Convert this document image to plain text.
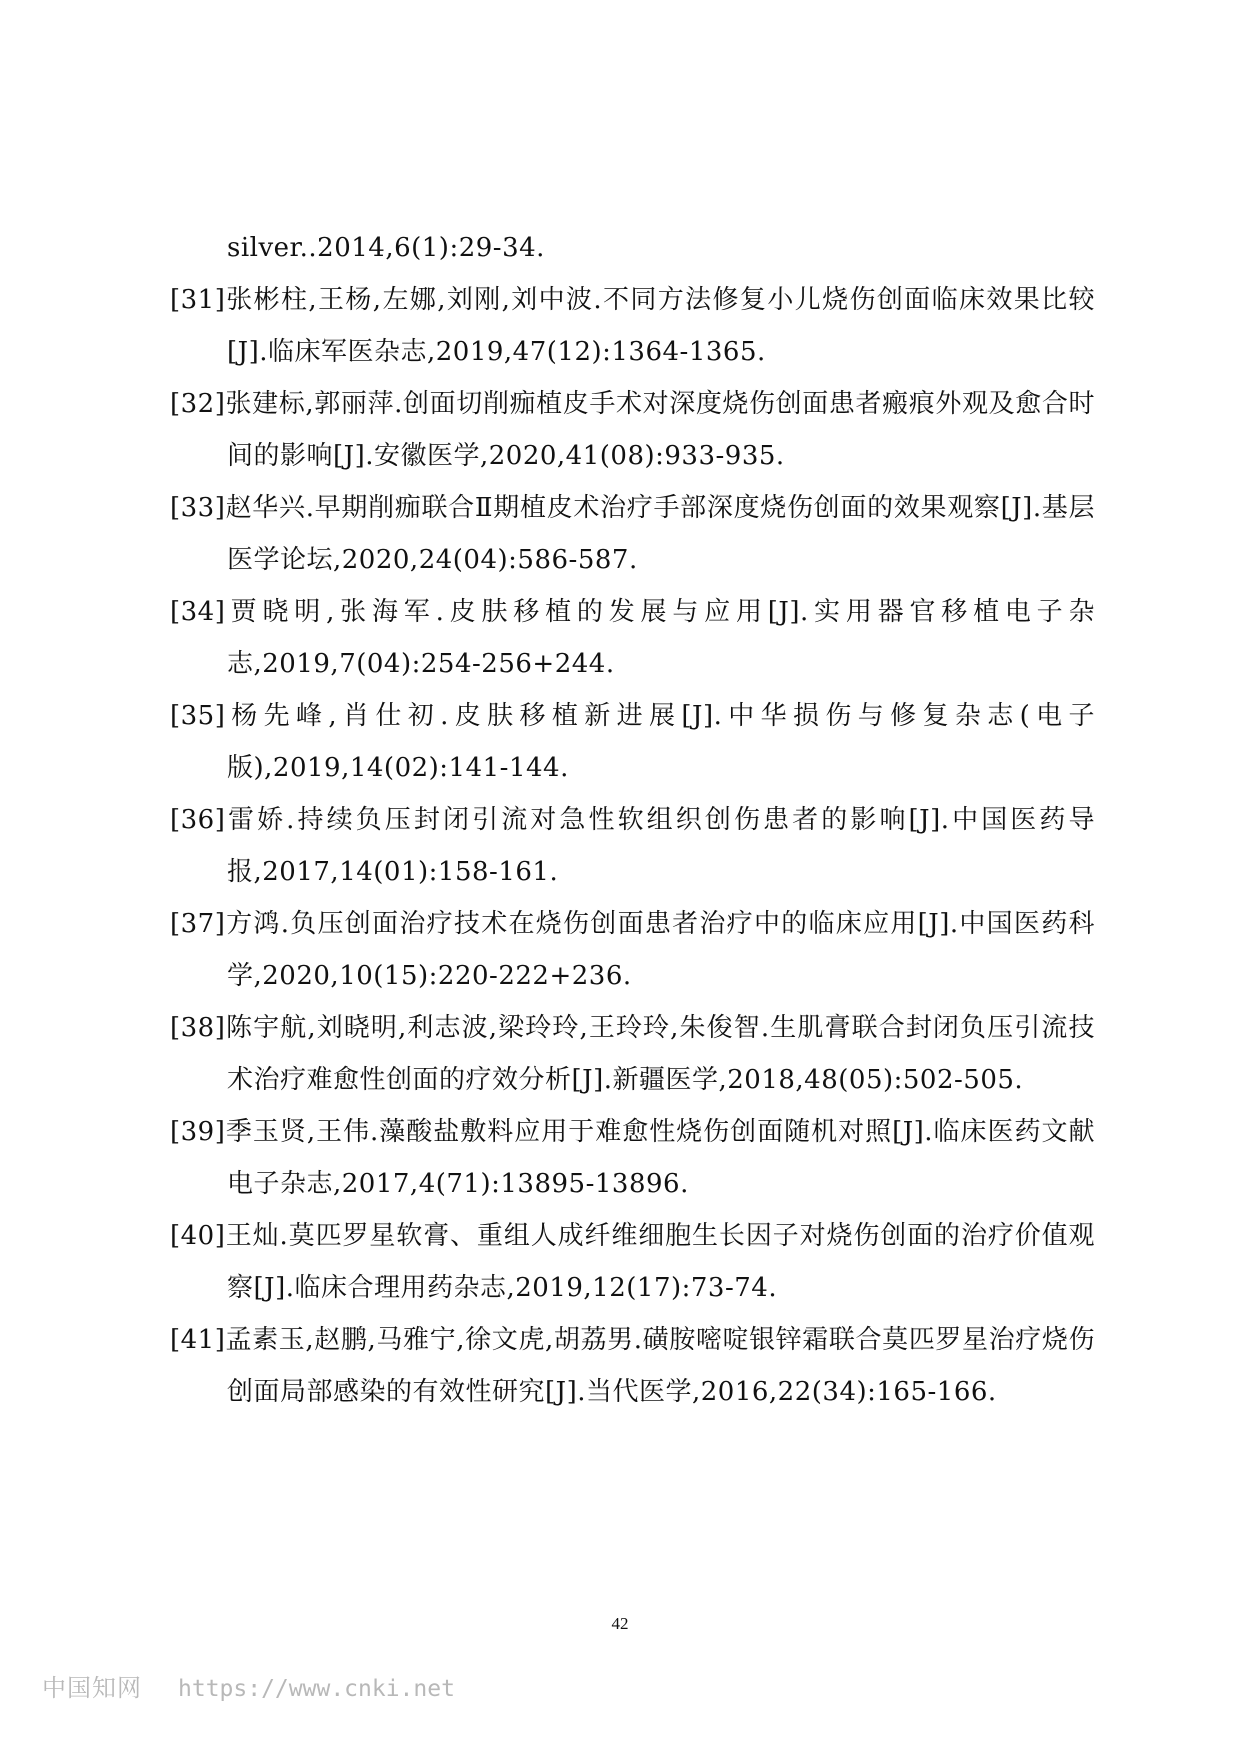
silver..2014,6(1):29-34.
[31]张彬柱,王杨,左娜,刘刚,刘中波.不同方法修复小儿烧伤创面临床效果比较[J].临床军医杂志,2019,47(12):1364-1365.
[32]张建标,郭丽萍.创面切削痂植皮手术对深度烧伤创面患者瘢痕外观及愈合时间的影响[J].安徽医学,2020,41(08):933-935.
[33]赵华兴.早期削痂联合Ⅱ期植皮术治疗手部深度烧伤创面的效果观察[J].基层医学论坛,2020,24(04):586-587.
[34]贾晓明,张海军.皮肤移植的发展与应用[J].实用器官移植电子杂志,2019,7(04):254-256+244.
[35]杨先峰,肖仕初.皮肤移植新进展[J].中华损伤与修复杂志(电子版),2019,14(02):141-144.
[36]雷娇.持续负压封闭引流对急性软组织创伤患者的影响[J].中国医药导报,2017,14(01):158-161.
[37]方鸿.负压创面治疗技术在烧伤创面患者治疗中的临床应用[J].中国医药科学,2020,10(15):220-222+236.
[38]陈宇航,刘晓明,利志波,梁玲玲,王玲玲,朱俊智.生肌膏联合封闭负压引流技术治疗难愈性创面的疗效分析[J].新疆医学,2018,48(05):502-505.
[39]季玉贤,王伟.藻酸盐敷料应用于难愈性烧伤创面随机对照[J].临床医药文献电子杂志,2017,4(71):13895-13896.
[40]王灿.莫匹罗星软膏、重组人成纤维细胞生长因子对烧伤创面的治疗价值观察[J].临床合理用药杂志,2019,12(17):73-74.
[41]孟素玉,赵鹏,马雅宁,徐文虎,胡荔男.磺胺嘧啶银锌霜联合莫匹罗星治疗烧伤创面局部感染的有效性研究[J].当代医学,2016,22(34):165-166.
42
中国知网 https://www.cnki.net
